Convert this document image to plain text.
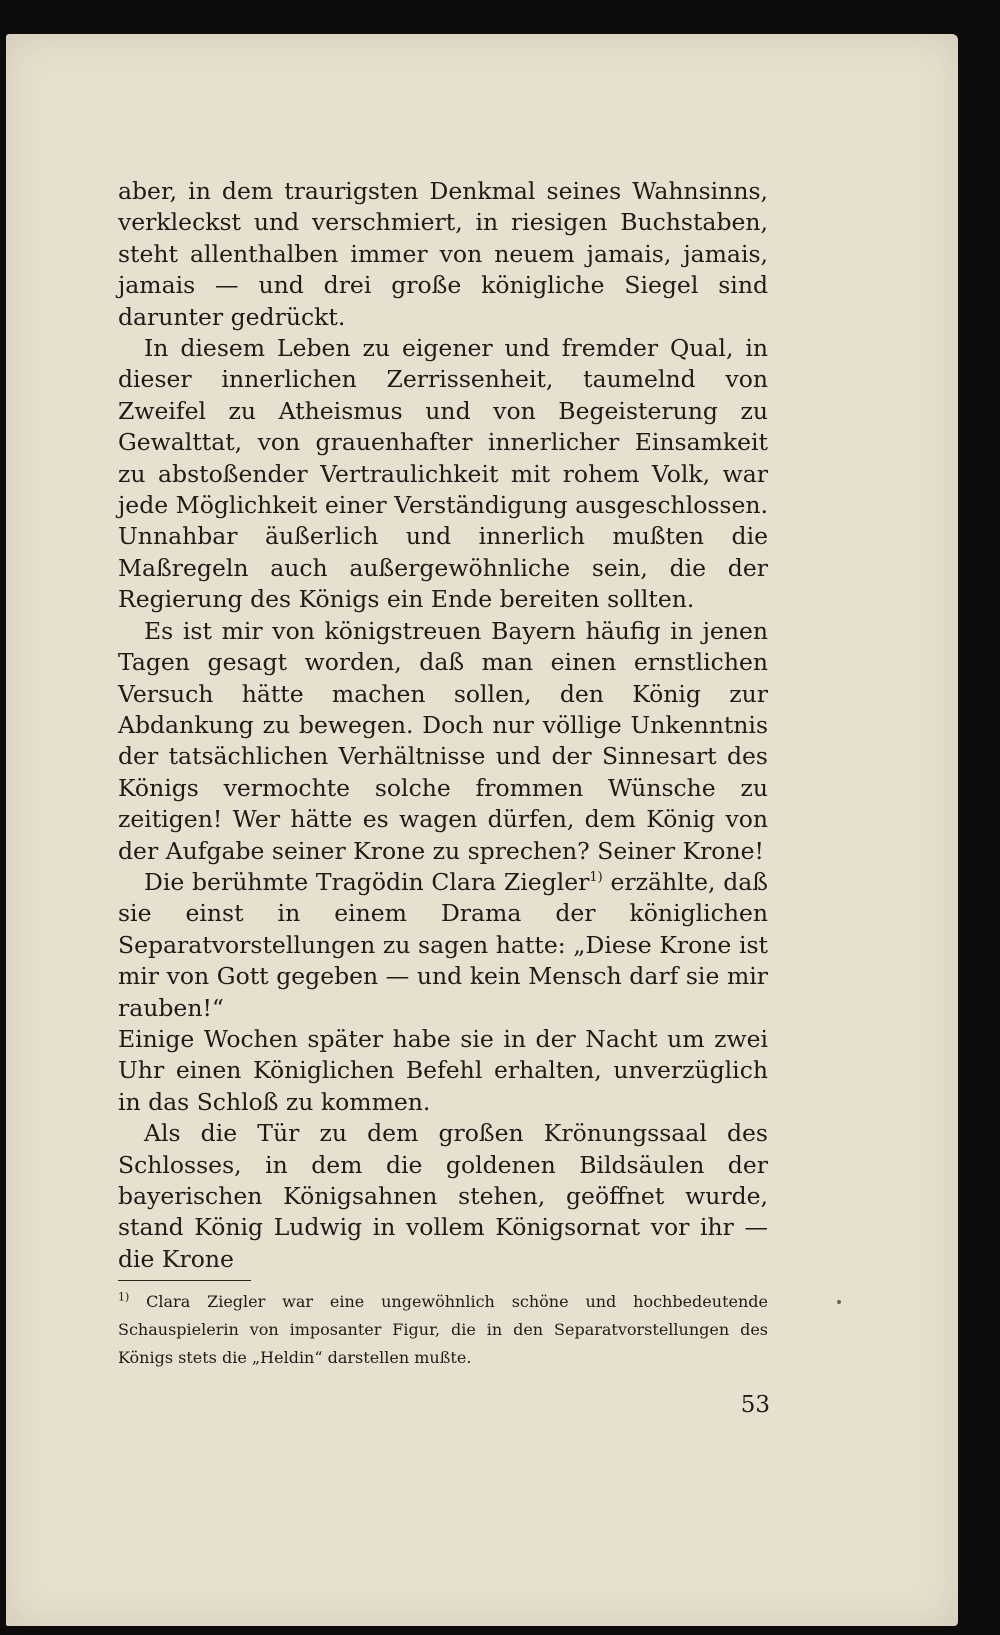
aber, in dem traurigsten Denkmal seines Wahnsinns, verkleckst und verschmiert, in riesigen Buchstaben, steht allenthalben immer von neuem jamais, jamais, jamais — und drei große königliche Siegel sind darunter gedrückt.

In diesem Leben zu eigener und fremder Qual, in dieser innerlichen Zerrissenheit, taumelnd von Zweifel zu Atheismus und von Begeisterung zu Gewalttat, von grauenhafter innerlicher Einsamkeit zu abstoßender Vertraulichkeit mit rohem Volk, war jede Möglichkeit einer Verständigung ausgeschlossen. Unnahbar äußerlich und innerlich mußten die Maßregeln auch außergewöhnliche sein, die der Regierung des Königs ein Ende bereiten sollten.

Es ist mir von königstreuen Bayern häufig in jenen Tagen gesagt worden, daß man einen ernstlichen Versuch hätte machen sollen, den König zur Abdankung zu bewegen. Doch nur völlige Unkenntnis der tatsächlichen Verhältnisse und der Sinnesart des Königs vermochte solche frommen Wünsche zu zeitigen! Wer hätte es wagen dürfen, dem König von der Aufgabe seiner Krone zu sprechen? Seiner Krone!

Die berühmte Tragödin Clara Ziegler$^{1)}$ erzählte, daß sie einst in einem Drama der königlichen Separatvorstellungen zu sagen hatte: „Diese Krone ist mir von Gott gegeben — und kein Mensch darf sie mir rauben!“

Einige Wochen später habe sie in der Nacht um zwei Uhr einen Königlichen Befehl erhalten, unverzüglich in das Schloß zu kommen.

Als die Tür zu dem großen Krönungssaal des Schlosses, in dem die goldenen Bildsäulen der bayerischen Königsahnen stehen, geöffnet wurde, stand König Ludwig in vollem Königsornat vor ihr — die Krone

$^{1)}$ Clara Ziegler war eine ungewöhnlich schöne und hochbedeutende Schauspielerin von imposanter Figur, die in den Separatvorstellungen des Königs stets die „Heldin“ darstellen mußte.
53
